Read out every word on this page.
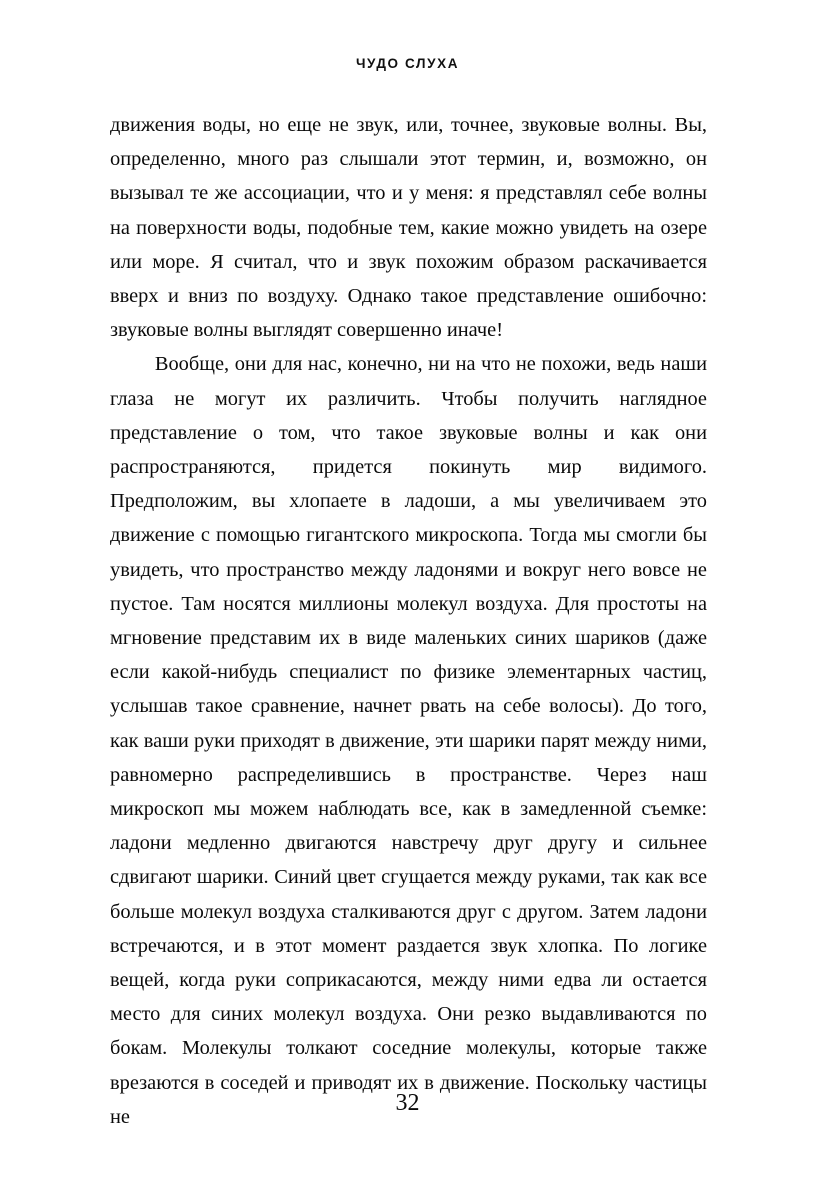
ЧУДО СЛУХА

движения воды, но еще не звук, или, точнее, звуковые волны. Вы, определенно, много раз слышали этот термин, и, возможно, он вызывал те же ассоциации, что и у меня: я представлял себе волны на поверхности воды, подобные тем, какие можно увидеть на озере или море. Я считал, что и звук похожим образом раскачивается вверх и вниз по воздуху. Однако такое представление ошибочно: звуковые волны выглядят совершенно иначе!

Вообще, они для нас, конечно, ни на что не похожи, ведь наши глаза не могут их различить. Чтобы получить наглядное представление о том, что такое звуковые волны и как они распространяются, придется покинуть мир видимого. Предположим, вы хлопаете в ладоши, а мы увеличиваем это движение с помощью гигантского микроскопа. Тогда мы смогли бы увидеть, что пространство между ладонями и вокруг него вовсе не пустое. Там носятся миллионы молекул воздуха. Для простоты на мгновение представим их в виде маленьких синих шариков (даже если какой-нибудь специалист по физике элементарных частиц, услышав такое сравнение, начнет рвать на себе волосы). До того, как ваши руки приходят в движение, эти шарики парят между ними, равномерно распределившись в пространстве. Через наш микроскоп мы можем наблюдать все, как в замедленной съемке: ладони медленно двигаются навстречу друг другу и сильнее сдвигают шарики. Синий цвет сгущается между руками, так как все больше молекул воздуха сталкиваются друг с другом. Затем ладони встречаются, и в этот момент раздается звук хлопка. По логике вещей, когда руки соприкасаются, между ними едва ли остается место для синих молекул воздуха. Они резко выдавливаются по бокам. Молекулы толкают соседние молекулы, которые также врезаются в соседей и приводят их в движение. Поскольку частицы не

32
